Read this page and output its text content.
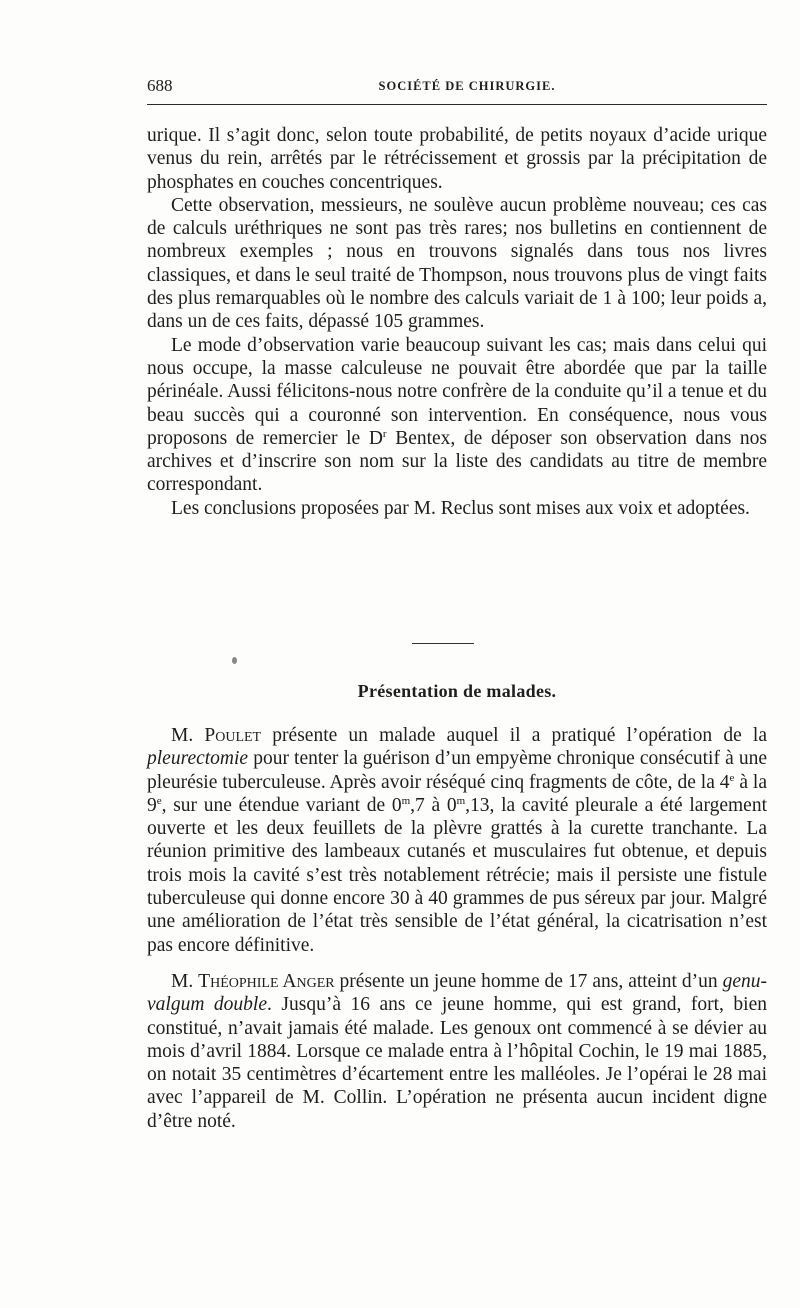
688	SOCIÉTÉ DE CHIRURGIE.

urique. Il s’agit donc, selon toute probabilité, de petits noyaux d’acide urique venus du rein, arrêtés par le rétrécissement et grossis par la précipitation de phosphates en couches concentriques.

Cette observation, messieurs, ne soulève aucun problème nouveau; ces cas de calculs uréthriques ne sont pas très rares; nos bulletins en contiennent de nombreux exemples ; nous en trouvons signalés dans tous nos livres classiques, et dans le seul traité de Thompson, nous trouvons plus de vingt faits des plus remarquables où le nombre des calculs variait de 1 à 100; leur poids a, dans un de ces faits, dépassé 105 grammes.

Le mode d’observation varie beaucoup suivant les cas; mais dans celui qui nous occupe, la masse calculeuse ne pouvait être abordée que par la taille périnéale. Aussi félicitons-nous notre confrère de la conduite qu’il a tenue et du beau succès qui a couronné son intervention. En conséquence, nous vous proposons de remercier le $D^r$ Bentex, de déposer son observation dans nos archives et d’inscrire son nom sur la liste des candidats au titre de membre correspondant.

Les conclusions proposées par M. Reclus sont mises aux voix et adoptées.

Présentation de malades.

M. Poulet présente un malade auquel il a pratiqué l’opération de la pleurectomie pour tenter la guérison d’un empyème chronique consécutif à une pleurésie tuberculeuse. Après avoir réséqué cinq fragments de côte, de la 4e à la 9e, sur une étendue variant de 0$^m$,7 à 0$^m$,13, la cavité pleurale a été largement ouverte et les deux feuillets de la plèvre grattés à la curette tranchante. La réunion primitive des lambeaux cutanés et musculaires fut obtenue, et depuis trois mois la cavité s’est très notablement rétrécie; mais il persiste une fistule tuberculeuse qui donne encore 30 à 40 grammes de pus séreux par jour. Malgré une amélioration de l’état très sensible de l’état général, la cicatrisation n’est pas encore définitive.

M. Théophile Anger présente un jeune homme de 17 ans, atteint d’un genu-valgum double. Jusqu’à 16 ans ce jeune homme, qui est grand, fort, bien constitué, n’avait jamais été malade. Les genoux ont commencé à se dévier au mois d’avril 1884. Lorsque ce malade entra à l’hôpital Cochin, le 19 mai 1885, on notait 35 centimètres d’écartement entre les malléoles. Je l’opérai le 28 mai avec l’appareil de M. Collin. L’opération ne présenta aucun incident digne d’être noté.
